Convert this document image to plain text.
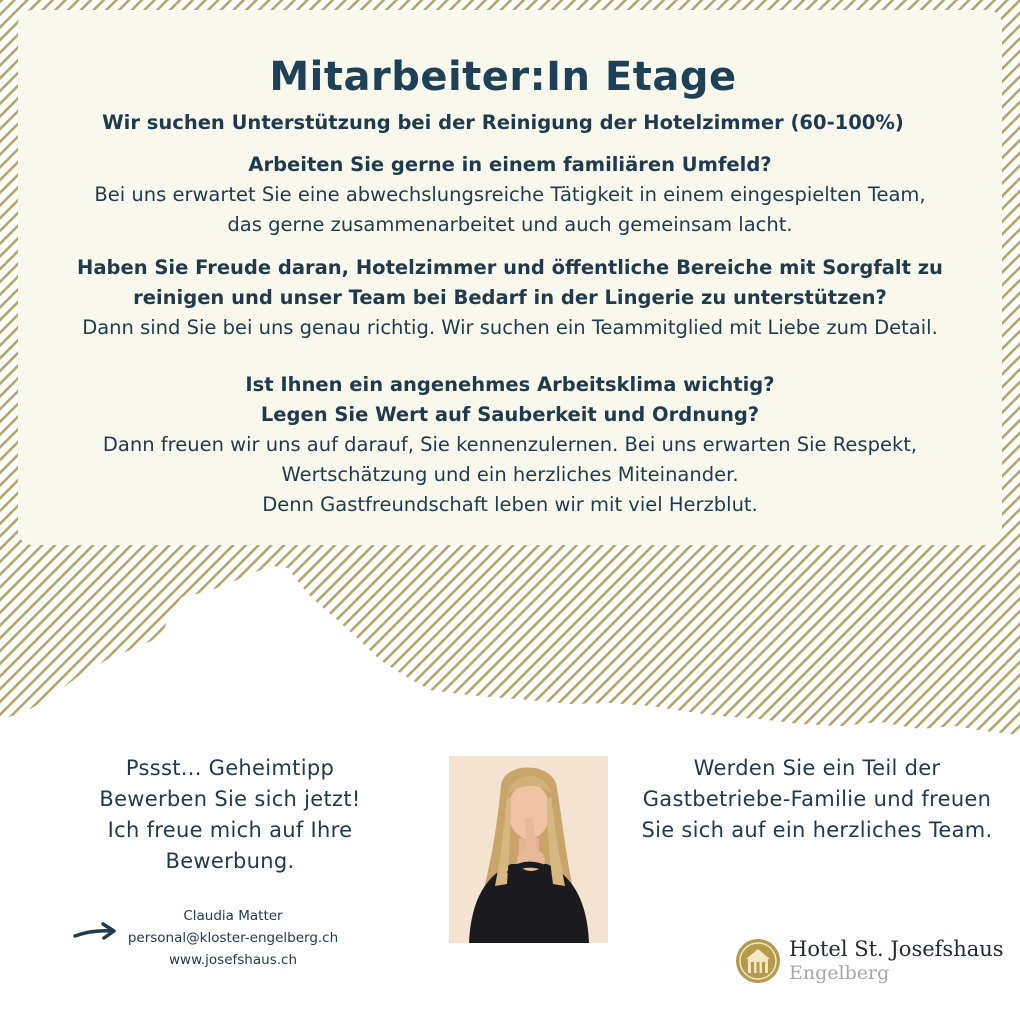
Mitarbeiter:In Etage
Wir suchen Unterstützung bei der Reinigung der Hotelzimmer (60-100%)
Arbeiten Sie gerne in einem familiären Umfeld?
Bei uns erwartet Sie eine abwechslungsreiche Tätigkeit in einem eingespielten Team,
das gerne zusammenarbeitet und auch gemeinsam lacht.
Haben Sie Freude daran, Hotelzimmer und öffentliche Bereiche mit Sorgfalt zu
reinigen und unser Team bei Bedarf in der Lingerie zu unterstützen?
Dann sind Sie bei uns genau richtig. Wir suchen ein Teammitglied mit Liebe zum Detail.
Ist Ihnen ein angenehmes Arbeitsklima wichtig?
Legen Sie Wert auf Sauberkeit und Ordnung?
Dann freuen wir uns auf darauf, Sie kennenzulernen. Bei uns erwarten Sie Respekt,
Wertschätzung und ein herzliches Miteinander.
Denn Gastfreundschaft leben wir mit viel Herzblut.
Pssst... Geheimtipp
Bewerben Sie sich jetzt!
Ich freue mich auf Ihre
Bewerbung.
Claudia Matter
personal@kloster-engelberg.ch
www.josefshaus.ch
Werden Sie ein Teil der
Gastbetriebe-Familie und freuen
Sie sich auf ein herzliches Team.
Hotel St. Josefshaus
Engelberg
